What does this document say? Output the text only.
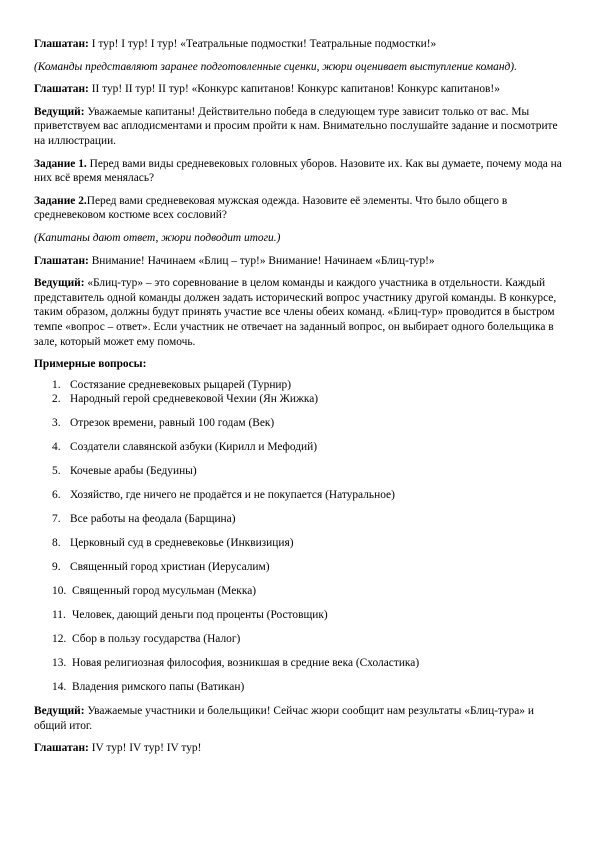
Глашатан: I тур! I тур! I тур! «Театральные подмостки! Театральные подмостки!»

(Команды представляют заранее подготовленные сценки, жюри оценивает выступление команд).

Глашатан: II тур! II тур! II тур! «Конкурс капитанов! Конкурс капитанов! Конкурс капитанов!»

Ведущий: Уважаемые капитаны! Действительно победа в следующем туре зависит только от вас. Мы приветствуем вас аплодисментами и просим пройти к нам. Внимательно послушайте задание и посмотрите на иллюстрации.

Задание 1. Перед вами виды средневековых головных уборов. Назовите их. Как вы думаете, почему мода на них всё время менялась?

Задание 2.Перед вами средневековая мужская одежда. Назовите её элементы. Что было общего в средневековом костюме всех сословий?

(Капитаны дают ответ, жюри подводит итоги.)

Глашатан: Внимание! Начинаем «Блиц – тур!» Внимание! Начинаем «Блиц-тур!»

Ведущий: «Блиц-тур» – это соревнование в целом команды и каждого участника в отдельности. Каждый представитель одной команды должен задать исторический вопрос участнику другой команды. В конкурсе, таким образом, должны будут принять участие все члены обеих команд. «Блиц-тур» проводится в быстром темпе «вопрос – ответ». Если участник не отвечает на заданный вопрос, он выбирает одного болельщика в зале, который может ему помочь.

Примерные вопросы:

1. Состязание средневековых рыцарей (Турнир)
2. Народный герой средневековой Чехии (Ян Жижка)
3. Отрезок времени, равный 100 годам (Век)
4. Создатели славянской азбуки (Кирилл и Мефодий)
5. Кочевые арабы (Бедуины)
6. Хозяйство, где ничего не продаётся и не покупается (Натуральное)
7. Все работы на феодала (Барщина)
8. Церковный суд в средневековье (Инквизиция)
9. Священный город христиан (Иерусалим)
10. Священный город мусульман (Мекка)
11. Человек, дающий деньги под проценты (Ростовщик)
12. Сбор в пользу государства (Налог)
13. Новая религиозная философия, возникшая в средние века (Схоластика)
14. Владения римского папы (Ватикан)

Ведущий: Уважаемые участники и болельщики! Сейчас жюри сообщит нам результаты «Блиц-тура» и общий итог.

Глашатан: IV тур! IV тур! IV тур!
